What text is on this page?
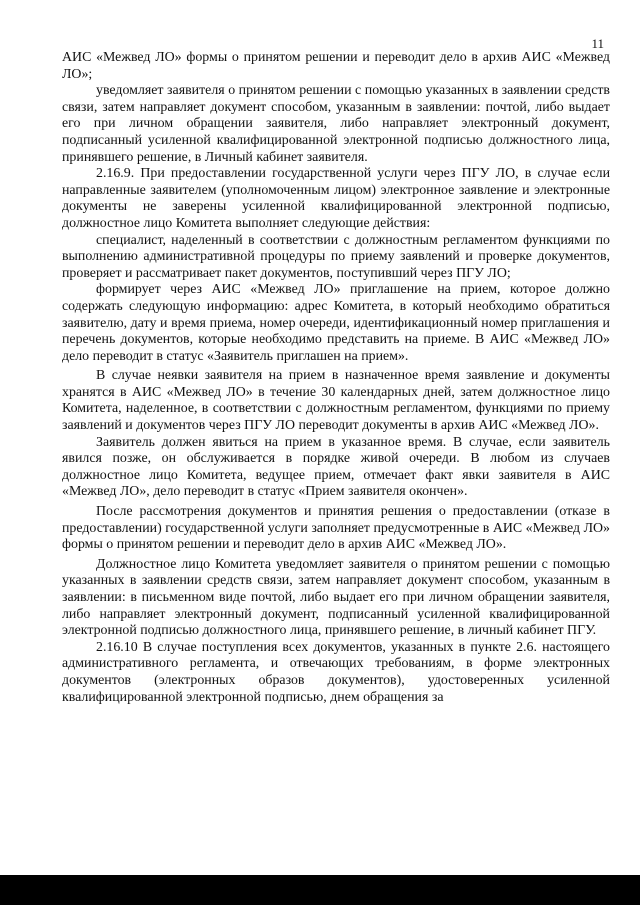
11

АИС «Межвед ЛО» формы о принятом решении и переводит дело в архив АИС «Межвед ЛО»;

уведомляет заявителя о принятом решении с помощью указанных в заявлении средств связи, затем направляет документ способом, указанным в заявлении: почтой, либо выдает его при личном обращении заявителя, либо направляет электронный документ, подписанный усиленной квалифицированной электронной подписью должностного лица, принявшего решение, в Личный кабинет заявителя.

2.16.9. При предоставлении государственной услуги через ПГУ ЛО, в случае если направленные заявителем (уполномоченным лицом) электронное заявление и электронные документы не заверены усиленной квалифицированной электронной подписью, должностное лицо Комитета выполняет следующие действия:

специалист, наделенный в соответствии с должностным регламентом функциями по выполнению административной процедуры по приему заявлений и проверке документов, проверяет и рассматривает пакет документов, поступивший через ПГУ ЛО;

формирует через АИС «Межвед ЛО» приглашение на прием, которое должно содержать следующую информацию: адрес Комитета, в который необходимо обратиться заявителю, дату и время приема, номер очереди, идентификационный номер приглашения и перечень документов, которые необходимо представить на приеме. В АИС «Межвед ЛО» дело переводит в статус «Заявитель приглашен на прием».

В случае неявки заявителя на прием в назначенное время заявление и документы хранятся в АИС «Межвед ЛО» в течение 30 календарных дней, затем должностное лицо Комитета, наделенное, в соответствии с должностным регламентом, функциями по приему заявлений и документов через ПГУ ЛО переводит документы в архив АИС «Межвед ЛО».

Заявитель должен явиться на прием в указанное время. В случае, если заявитель явился позже, он обслуживается в порядке живой очереди. В любом из случаев должностное лицо Комитета, ведущее прием, отмечает факт явки заявителя в АИС «Межвед ЛО», дело переводит в статус «Прием заявителя окончен».

После рассмотрения документов и принятия решения о предоставлении (отказе в предоставлении) государственной услуги заполняет предусмотренные в АИС «Межвед ЛО» формы о принятом решении и переводит дело в архив АИС «Межвед ЛО».

Должностное лицо Комитета уведомляет заявителя о принятом решении с помощью указанных в заявлении средств связи, затем направляет документ способом, указанным в заявлении: в письменном виде почтой, либо выдает его при личном обращении заявителя, либо направляет электронный документ, подписанный усиленной квалифицированной электронной подписью должностного лица, принявшего решение, в личный кабинет ПГУ.

2.16.10 В случае поступления всех документов, указанных в пункте 2.6. настоящего административного регламента, и отвечающих требованиям, в форме электронных документов (электронных образов документов), удостоверенных усиленной квалифицированной электронной подписью, днем обращения за
